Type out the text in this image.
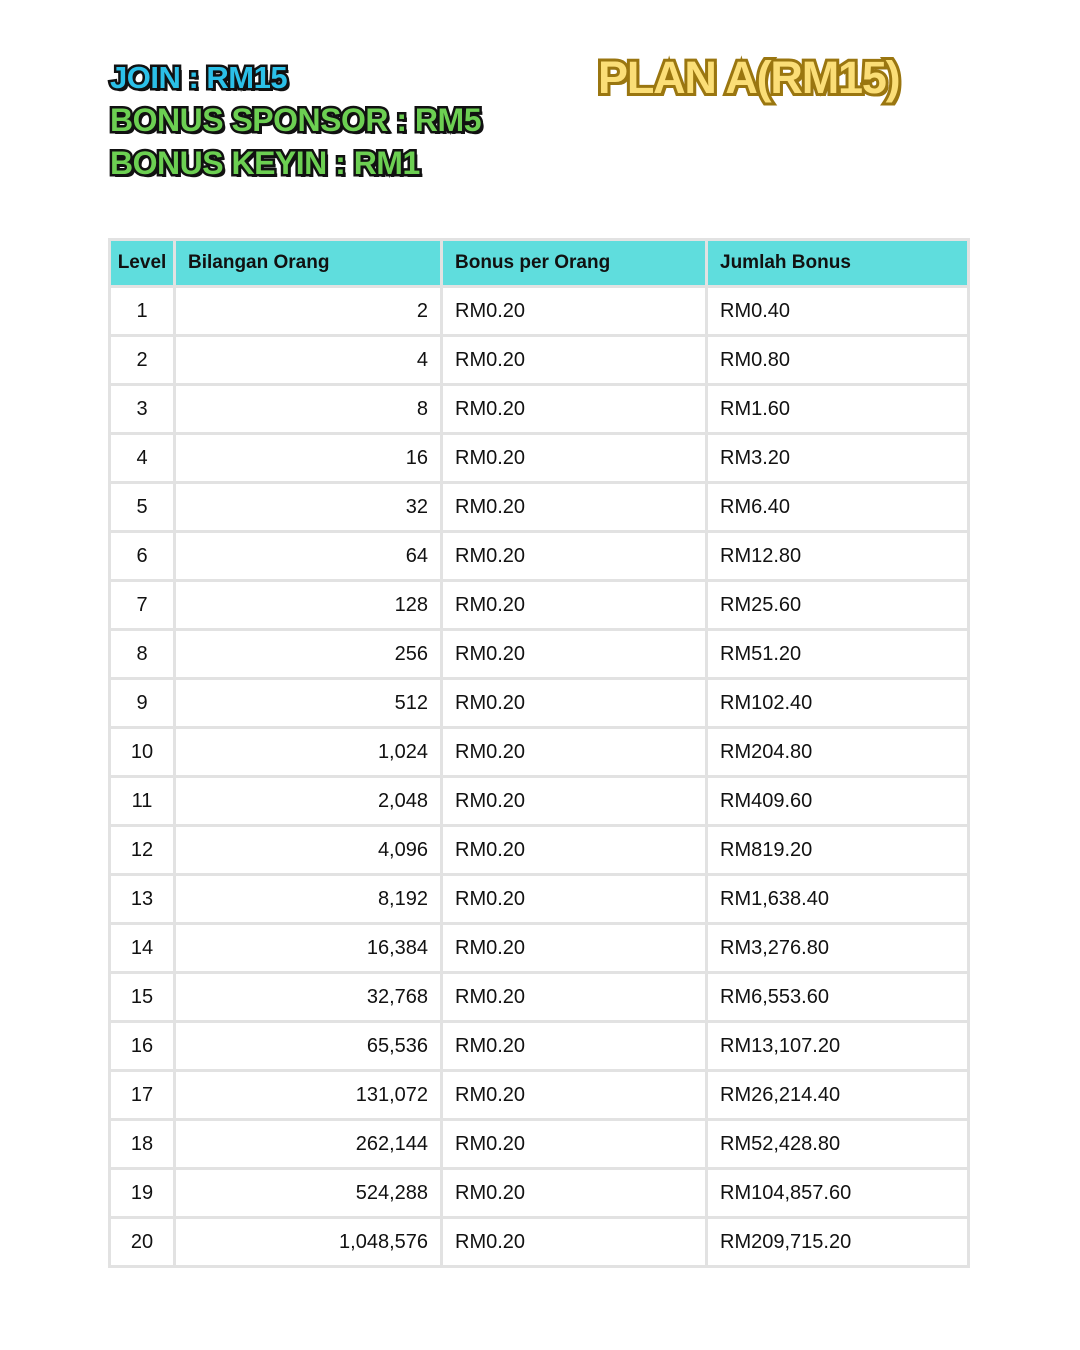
JOIN : RM15
BONUS SPONSOR : RM5
BONUS KEYIN : RM1
PLAN A(RM15)
Level	Bilangan Orang	Bonus per Orang	Jumlah Bonus
1	2	RM0.20	RM0.40
2	4	RM0.20	RM0.80
3	8	RM0.20	RM1.60
4	16	RM0.20	RM3.20
5	32	RM0.20	RM6.40
6	64	RM0.20	RM12.80
7	128	RM0.20	RM25.60
8	256	RM0.20	RM51.20
9	512	RM0.20	RM102.40
10	1,024	RM0.20	RM204.80
11	2,048	RM0.20	RM409.60
12	4,096	RM0.20	RM819.20
13	8,192	RM0.20	RM1,638.40
14	16,384	RM0.20	RM3,276.80
15	32,768	RM0.20	RM6,553.60
16	65,536	RM0.20	RM13,107.20
17	131,072	RM0.20	RM26,214.40
18	262,144	RM0.20	RM52,428.80
19	524,288	RM0.20	RM104,857.60
20	1,048,576	RM0.20	RM209,715.20
